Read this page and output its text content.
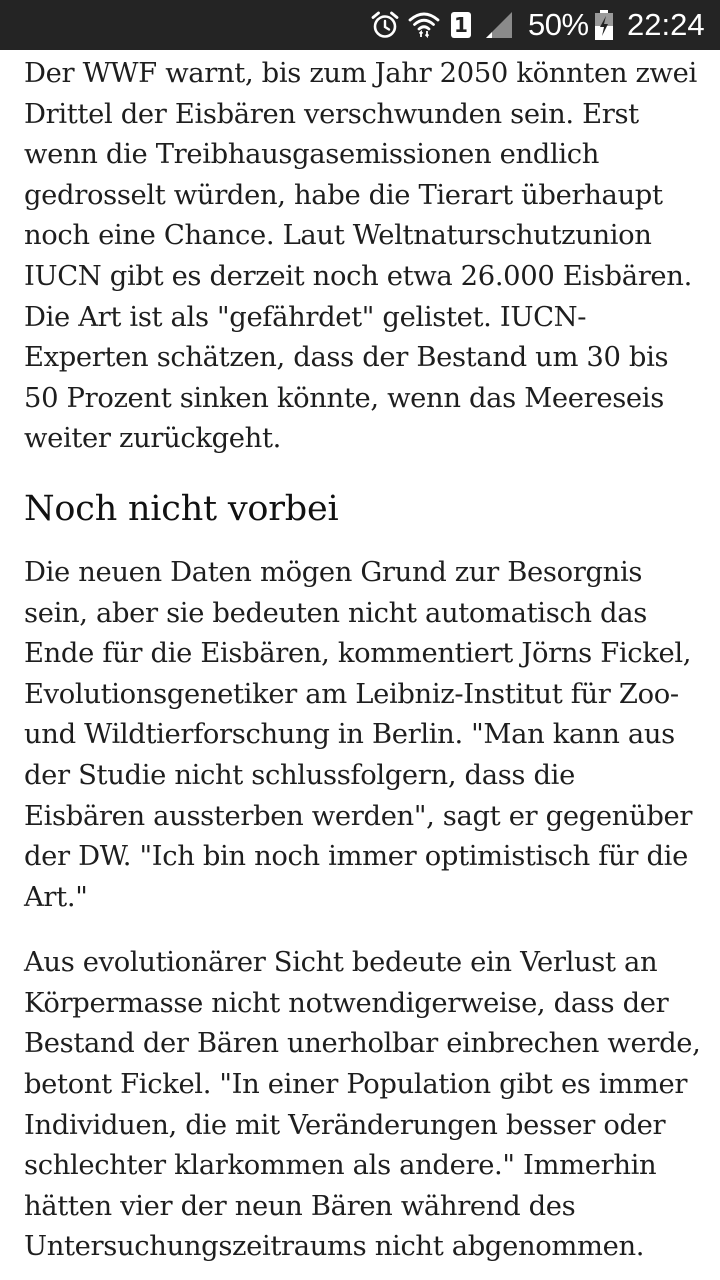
1 50% 22:24

Der WWF warnt, bis zum Jahr 2050 könnten zwei Drittel der Eisbären verschwunden sein. Erst wenn die Treibhausgasemissionen endlich gedrosselt würden, habe die Tierart überhaupt noch eine Chance. Laut Weltnaturschutzunion IUCN gibt es derzeit noch etwa 26.000 Eisbären. Die Art ist als "gefährdet" gelistet. IUCN-Experten schätzen, dass der Bestand um 30 bis 50 Prozent sinken könnte, wenn das Meereseis weiter zurückgeht.

Noch nicht vorbei

Die neuen Daten mögen Grund zur Besorgnis sein, aber sie bedeuten nicht automatisch das Ende für die Eisbären, kommentiert Jörns Fickel, Evolutionsgenetiker am Leibniz-Institut für Zoo- und Wildtierforschung in Berlin. "Man kann aus der Studie nicht schlussfolgern, dass die Eisbären aussterben werden", sagt er gegenüber der DW. "Ich bin noch immer optimistisch für die Art."

Aus evolutionärer Sicht bedeute ein Verlust an Körpermasse nicht notwendigerweise, dass der Bestand der Bären unerholbar einbrechen werde, betont Fickel. "In einer Population gibt es immer Individuen, die mit Veränderungen besser oder schlechter klarkommen als andere." Immerhin hätten vier der neun Bären während des Untersuchungszeitraums nicht abgenommen.
